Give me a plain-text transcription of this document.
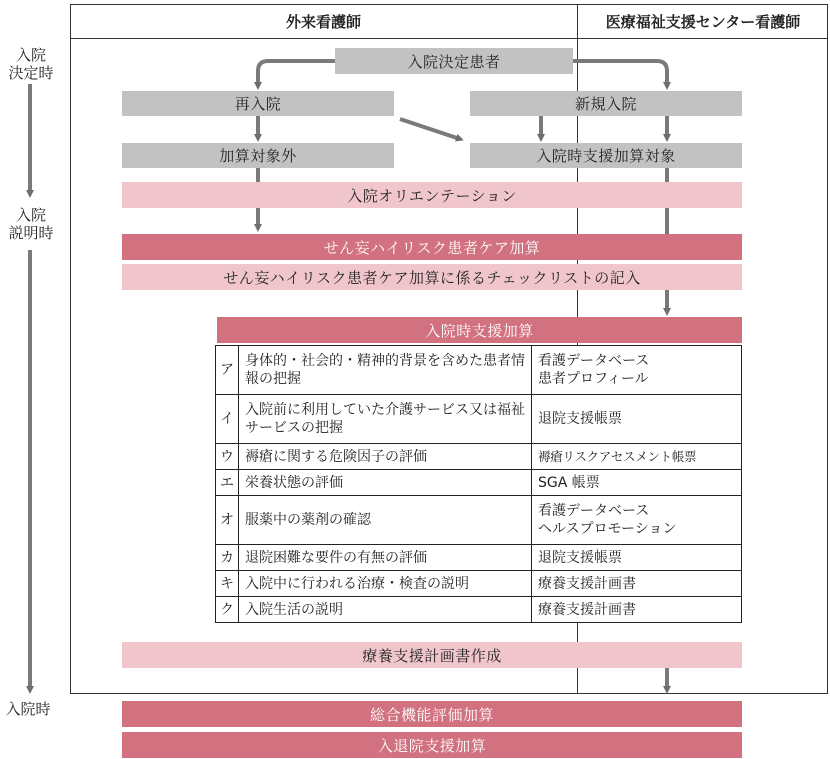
外来看護師	医療福祉支援センター看護師
入院
決定時
入院
説明時
入院時
入院決定患者
再入院	新規入院
加算対象外	入院時支援加算対象
入院オリエンテーション
せん妄ハイリスク患者ケア加算
せん妄ハイリスク患者ケア加算に係るチェックリストの記入
入院時支援加算
ア	身体的・社会的・精神的背景を含めた患者情報の把握	看護データベース
患者プロフィール
イ	入院前に利用していた介護サービス又は福祉サービスの把握	退院支援帳票
ウ	褥瘡に関する危険因子の評価	褥瘡リスクアセスメント帳票
エ	栄養状態の評価	SGA 帳票
オ	服薬中の薬剤の確認	看護データベース
ヘルスプロモーション
カ	退院困難な要件の有無の評価	退院支援帳票
キ	入院中に行われる治療・検査の説明	療養支援計画書
ク	入院生活の説明	療養支援計画書
療養支援計画書作成
総合機能評価加算
入退院支援加算
